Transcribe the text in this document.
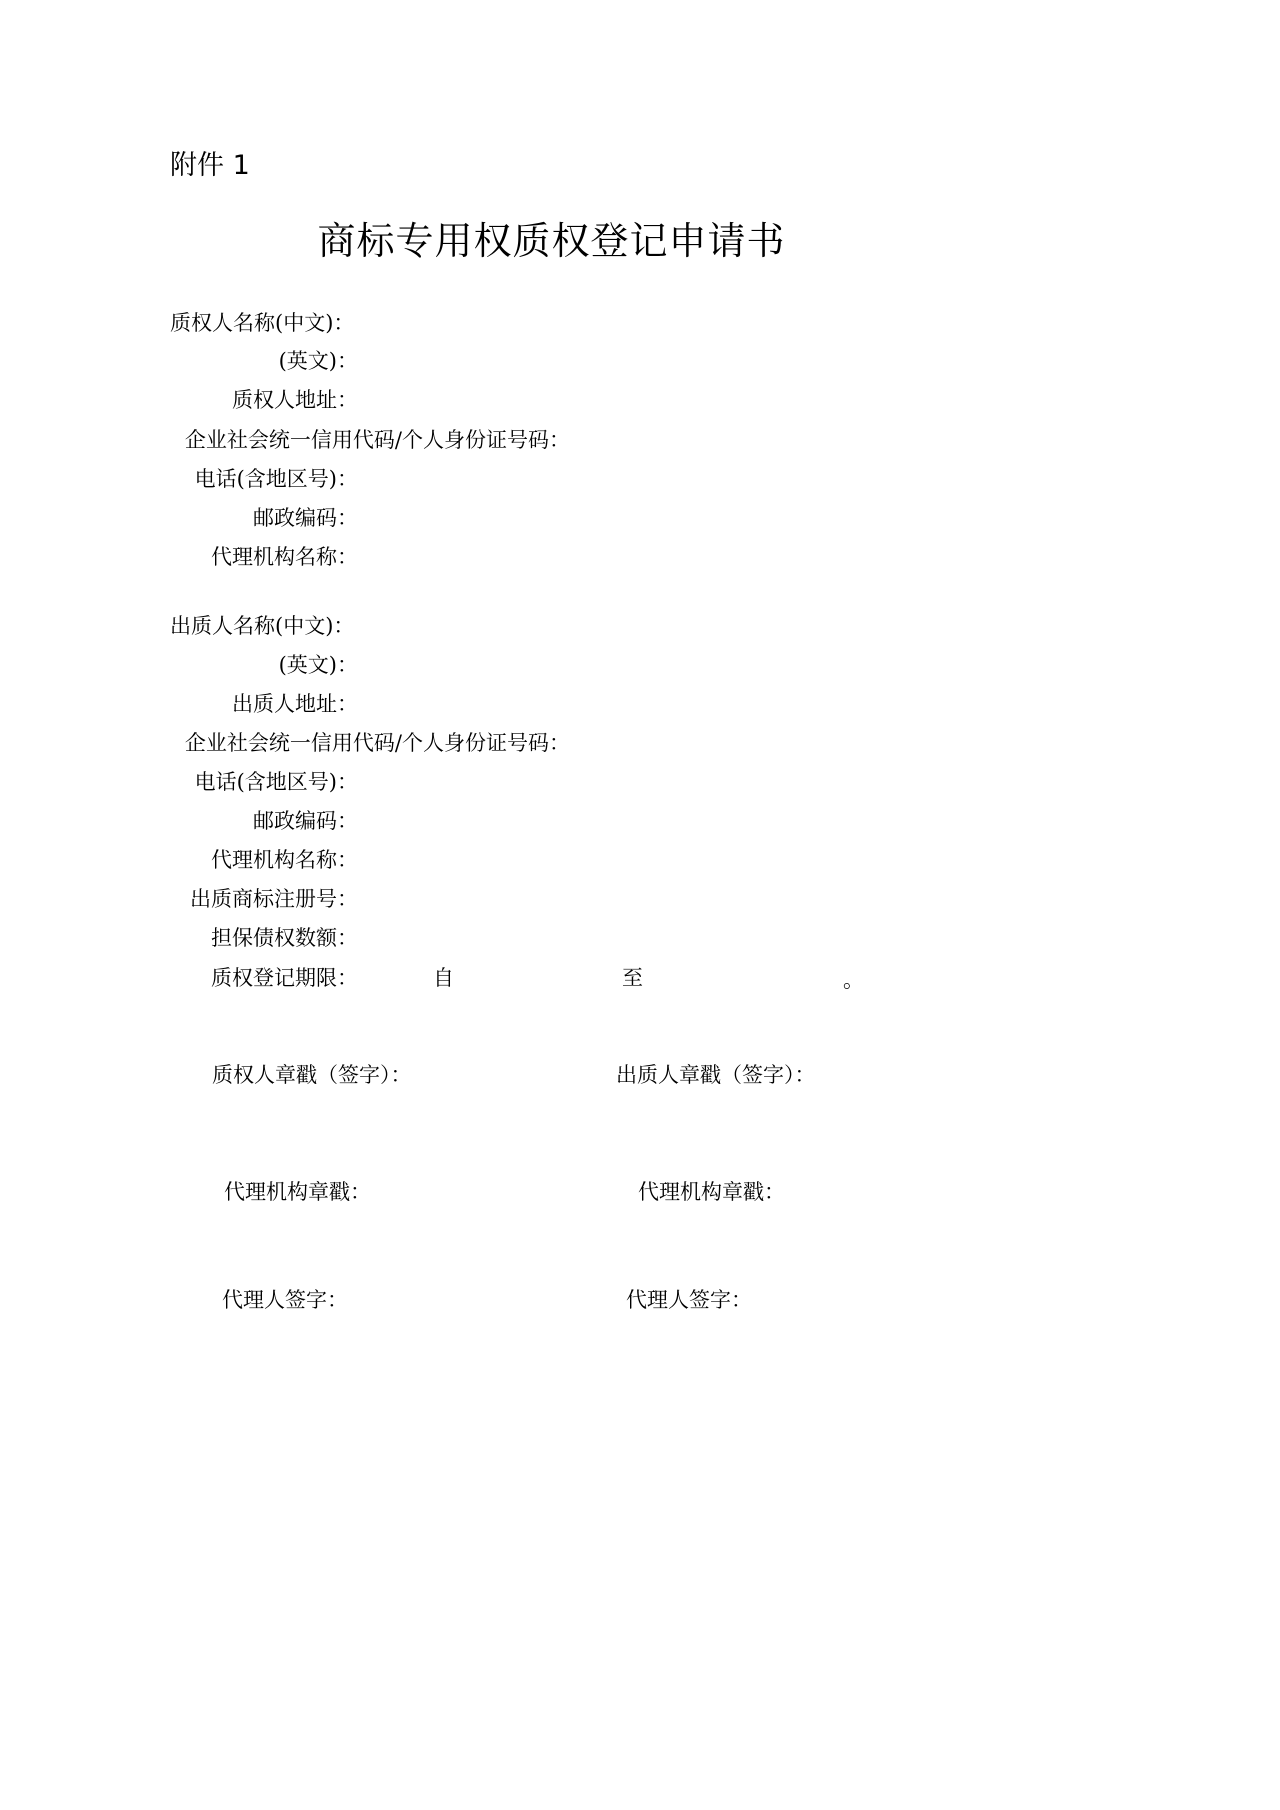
附件 1
商标专用权质权登记申请书
质权人名称(中文)：
(英文)：
质权人地址：
企业社会统一信用代码/个人身份证号码：
电话(含地区号)：
邮政编码：
代理机构名称：
出质人名称(中文)：
(英文)：
出质人地址：
企业社会统一信用代码/个人身份证号码：
电话(含地区号)：
邮政编码：
代理机构名称：
出质商标注册号：
担保债权数额：
质权登记期限：	自	至	。
质权人章戳（签字）：	出质人章戳（签字）：
代理机构章戳：	代理机构章戳：
代理人签字：	代理人签字：
